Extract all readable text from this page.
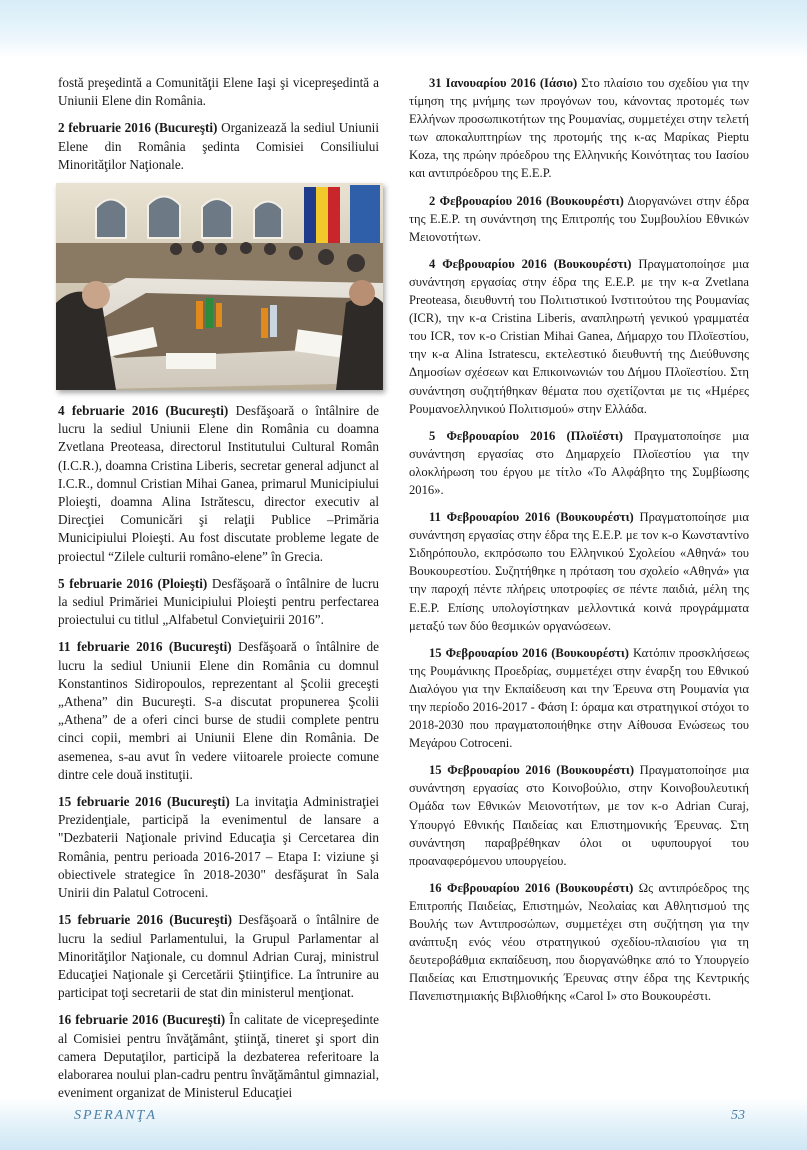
fostă preşedintă a Comunităţii Elene Iaşi şi vicepreşedintă a Uniunii Elene din România.

2 februarie 2016 (Bucureşti) Organizează la sediul Uniunii Elene din România şedinta Comisiei Consiliului Minorităţilor Naţionale.

4 februarie 2016 (Bucureşti) Desfăşoară o întâlnire de lucru la sediul Uniunii Elene din România cu doamna Zvetlana Preoteasa, directorul Institutului Cultural Român (I.C.R.), doamna Cristina Liberis, secretar general adjunct al I.C.R., domnul Cristian Mihai Ganea, primarul Municipiului Ploieşti, doamna Alina Istrătescu, director executiv al Direcţiei Comunicări şi relaţii Publice –Primăria Municipiului Ploieşti. Au fost discutate probleme legate de proiectul “Zilele culturii româno-elene” în Grecia.

5 februarie 2016 (Ploieşti) Desfăşoară o întâlnire de lucru la sediul Primăriei Municipiului Ploieşti pentru perfectarea proiectului cu titlul „Alfabetul Convieţuirii 2016”.

11 februarie 2016 (Bucureşti) Desfăşoară o întâlnire de lucru la sediul Uniunii Elene din România cu domnul Konstantinos Sidiropoulos, reprezentant al Şcolii greceşti „Athena” din Bucureşti. S-a discutat propunerea Şcolii „Athena” de a oferi cinci burse de studii complete pentru cinci copii, membri ai Uniunii Elene din România. De asemenea, s-au avut în vedere viitoarele proiecte comune dintre cele două instituţii.

15 februarie 2016 (Bucureşti) La invitaţia Administraţiei Prezidenţiale, participă la evenimentul de lansare a "Dezbaterii Naţionale privind Educaţia şi Cercetarea din România, pentru perioada 2016-2017 – Etapa I: viziune şi obiectivele strategice în 2018-2030" desfăşurat în Sala Unirii din Palatul Cotroceni.

15 februarie 2016 (Bucureşti) Desfăşoară o întâlnire de lucru la sediul Parlamentului, la Grupul Parlamentar al Minorităţilor Naţionale, cu domnul Adrian Curaj, ministrul Educaţiei Naţionale şi Cercetării Ştiinţifice. La întrunire au participat toţi secretarii de stat din ministerul menţionat.

16 februarie 2016 (Bucureşti) În calitate de vicepreşedinte al Comisiei pentru învăţământ, ştiinţă, tineret şi sport din camera Deputaţilor, participă la dezbaterea referitoare la elaborarea noului plan-cadru pentru învăţământul gimnazial, eveniment organizat de Ministerul Educaţiei

31 Ιανουαρίου 2016 (Ιάσιο) Στο πλαίσιο του σχεδίου για την τίμηση της μνήμης των προγόνων του, κάνοντας προτομές των Ελλήνων προσωπικοτήτων της Ρουμανίας, συμμετέχει στην τελετή των αποκαλυπτηρίων της προτομής της κ-ας Μαρίκας Pieptu Koza, της πρώην πρόεδρου της Ελληνικής Κοινότητας του Ιασίου και αντιπρόεδρου της Ε.Ε.Ρ.

2 Φεβρουαρίου 2016 (Βουκουρέστι) Διοργανώνει στην έδρα της Ε.Ε.Ρ. τη συνάντηση της Επιτροπής του Συμβουλίου Εθνικών Μειονοτήτων.

4 Φεβρουαρίου 2016 (Βουκουρέστι) Πραγματοποίησε μια συνάντηση εργασίας στην έδρα της Ε.Ε.Ρ. με την κ-α Zvetlana Preoteasa, διευθυντή του Πολιτιστικού Ινστιτούτου της Ρουμανίας (ICR), την κ-α Cristina Liberis, αναπληρωτή γενικού γραμματέα του ICR, τον κ-ο Cristian Mihai Ganea, Δήμαρχο του Πλοϊεστίου, την κ-α Alina Istratescu, εκτελεστικό διευθυντή της Διεύθυνσης Δημοσίων σχέσεων και Επικοινωνιών του Δήμου Πλοϊεστίου. Στη συνάντηση συζητήθηκαν θέματα που σχετίζονται με τις «Ημέρες Ρουμανοελληνικού Πολιτισμού» στην Ελλάδα.

5 Φεβρουαρίου 2016 (Πλοϊέστι) Πραγματοποίησε μια συνάντηση εργασίας στο Δημαρχείο Πλοϊεστίου για την ολοκλήρωση του έργου με τίτλο «Το Αλφάβητο της Συμβίωσης 2016».

11 Φεβρουαρίου 2016 (Βουκουρέστι) Πραγματοποίησε μια συνάντηση εργασίας στην έδρα της Ε.Ε.Ρ. με τον κ-ο Κωνσταντίνο Σιδηρόπουλο, εκπρόσωπο του Ελληνικού Σχολείου «Αθηνά» του Βουκουρεστίου. Συζητήθηκε η πρόταση του σχολείο «Αθηνά» για την παροχή πέντε πλήρεις υποτροφίες σε πέντε παιδιά, μέλη της Ε.Ε.Ρ. Επίσης υπολογίστηκαν μελλοντικά κοινά προγράμματα μεταξύ των δύο θεσμικών οργανώσεων.

15 Φεβρουαρίου 2016 (Βουκουρέστι) Κατόπιν προσκλήσεως της Ρουμάνικης Προεδρίας, συμμετέχει στην έναρξη του Εθνικού Διαλόγου για την Εκπαίδευση και την Έρευνα στη Ρουμανία για την περίοδο 2016-2017 - Φάση Ι: όραμα και στρατηγικοί στόχοι το 2018-2030 που πραγματοποιήθηκε στην Αίθουσα Ενώσεως του Μεγάρου Cotroceni.

15 Φεβρουαρίου 2016 (Βουκουρέστι) Πραγματοποίησε μια συνάντηση εργασίας στο Κοινοβούλιο, στην Κοινοβουλευτική Ομάδα των Εθνικών Μειονοτήτων, με τον κ-ο Adrian Curaj, Υπουργό Εθνικής Παιδείας και Επιστημονικής Έρευνας. Στη συνάντηση παραβρέθηκαν όλοι οι υφυπουργοί του προαναφερόμενου υπουργείου.

16 Φεβρουαρίου 2016 (Βουκουρέστι) Ως αντιπρόεδρος της Επιτροπής Παιδείας, Επιστημών, Νεολαίας και Αθλητισμού της Βουλής των Αντιπροσώπων, συμμετέχει στη συζήτηση για την ανάπτυξη ενός νέου στρατηγικού σχεδίου-πλαισίου για τη δευτεροβάθμια εκπαίδευση, που διοργανώθηκε από το Υπουργείο Παιδείας και Επιστημονικής Έρευνας στην έδρα της Κεντρικής Πανεπιστημιακής Βιβλιοθήκης «Carol I» στο Βουκουρέστι.

SPERANŢA	53
